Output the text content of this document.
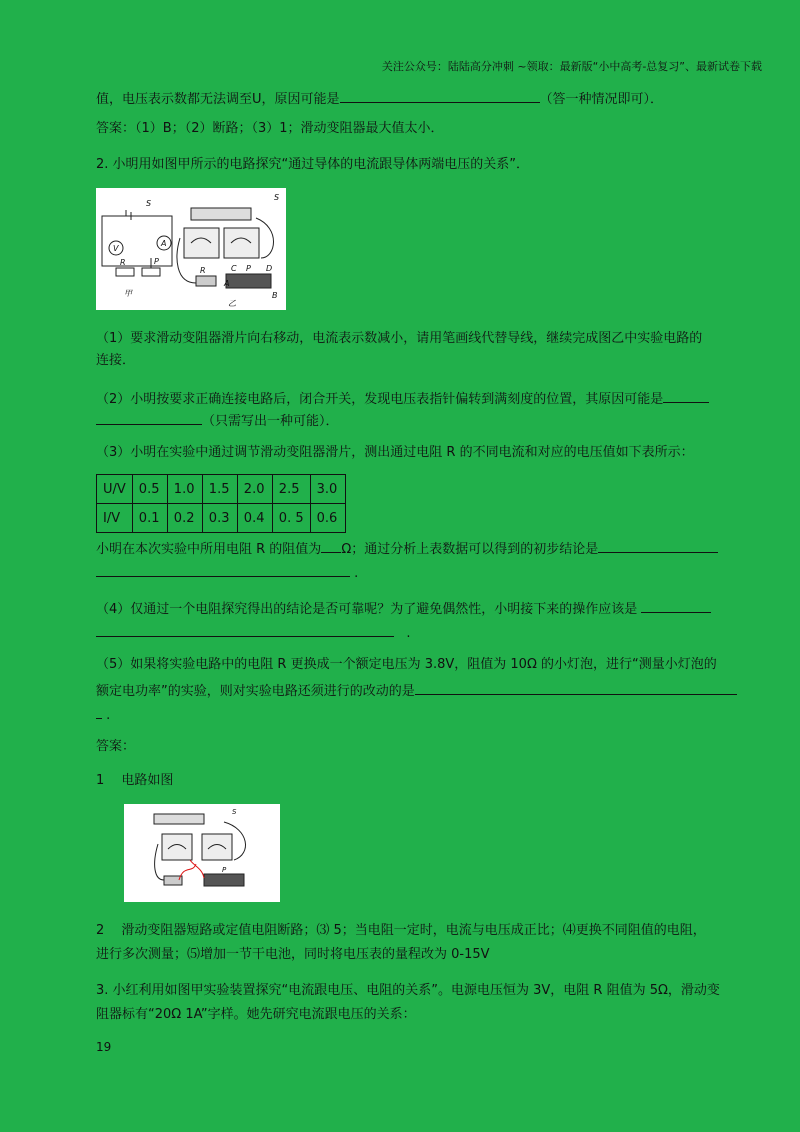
关注公众号：陆陆高分冲刺 ~领取：最新版“小中高考-总复习”、最新试卷下载
值，电压表示数都无法调至U，原因可能是	（答一种情况即可）．
答案：（1）B；（2）断路；（3）1；滑动变阻器最大值太小．
2. 小明用如图甲所示的电路探究“通过导体的电流跟导体两端电压的关系”．
S
V
A
R	P
S
R	C P D
A
B
甲
乙
（1）要求滑动变阻器滑片向右移动，电流表示数减小，请用笔画线代替导线，继续完成图乙中实验电路的
连接．
（2）小明按要求正确连接电路后，闭合开关，发现电压表指针偏转到满刻度的位置，其原因可能是
（只需写出一种可能）．
（3）小明在实验中通过调节滑动变阻器滑片，测出通过电阻 R 的不同电流和对应的电压值如下表所示：
U/V	0.5	1.0	1.5	2.0	2.5	3.0
I/V	0.1	0.2	0.3	0.4	0. 5	0.6
小明在本次实验中所用电阻 R 的阻值为 Ω；通过分析上表数据可以得到的初步结论是
.
（4）仅通过一个电阻探究得出的结论是否可靠呢？为了避免偶然性，小明接下来的操作应该是
.
（5）如果将实验电路中的电阻 R 更换成一个额定电压为 3.8V，阻值为 10Ω 的小灯泡，进行“测量小灯泡的
额定电功率”的实验，则对实验电路还须进行的改动的是
.
答案：
1　 电路如图
S
P
2　 滑动变阻器短路或定值电阻断路；⑶ 5；当电阻一定时，电流与电压成正比；⑷更换不同阻值的电阻，
进行多次测量；⑸增加一节干电池，同时将电压表的量程改为 0-15V
3. 小红利用如图甲实验装置探究“电流跟电压、电阻的关系”。电源电压恒为 3V，电阻 R 阻值为 5Ω，滑动变
阻器标有“20Ω 1A”字样。她先研究电流跟电压的关系：
19
